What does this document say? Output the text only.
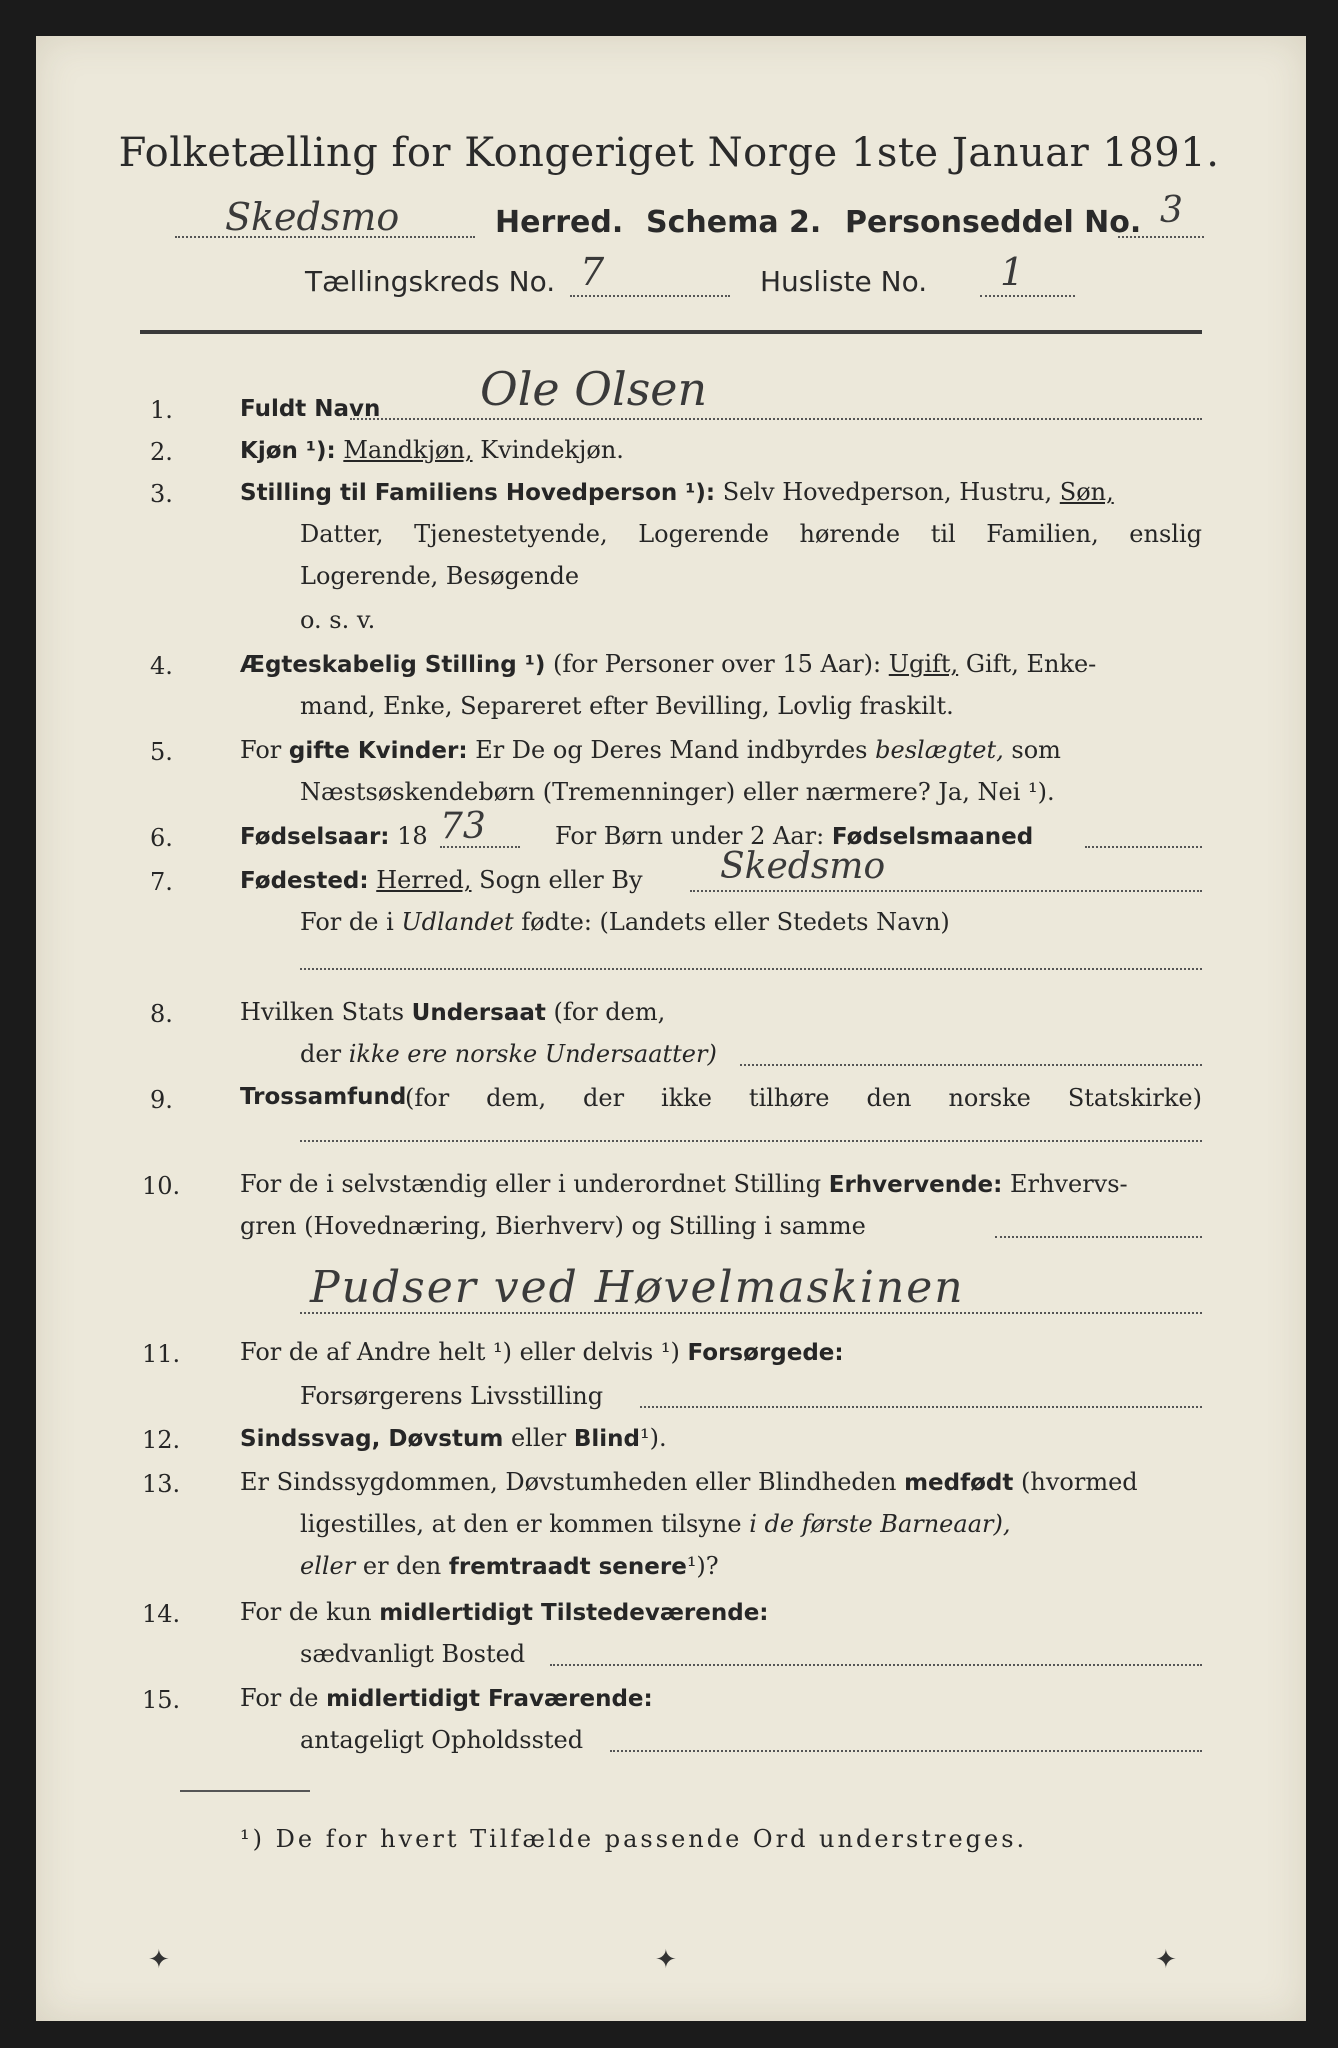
Folketælling for Kongeriget Norge 1ste Januar 1891.
Skedsmo	Herred. Schema 2. Personseddel No. 3
Tællingskreds No. 7	Husliste No. 1
1.	Fuldt Navn Ole Olsen
2.	Kjøn ¹): Mandkjøn, Kvindekjøn.
3.	Stilling til Familiens Hovedperson ¹): Selv Hovedperson, Hustru, Søn,
Datter, Tjenestetyende, Logerende hørende til Familien, enslig
Logerende, Besøgende
o. s. v.
4.	Ægteskabelig Stilling ¹) (for Personer over 15 Aar): Ugift, Gift, Enke-
mand, Enke, Separeret efter Bevilling, Lovlig fraskilt.
5.	For gifte Kvinder: Er De og Deres Mand indbyrdes beslægtet, som
Næstsøskendebørn (Tremenninger) eller nærmere? Ja, Nei ¹).
6.	Fødselsaar: 18 73	For Børn under 2 Aar: Fødselsmaaned
7.	Fødested: Herred, Sogn eller By Skedsmo
For de i Udlandet fødte: (Landets eller Stedets Navn)
8.	Hvilken Stats Undersaat (for dem,
der ikke ere norske Undersaatter)
9.	Trossamfund
(for dem, der ikke tilhøre den norske Statskirke)
10.	For de i selvstændig eller i underordnet Stilling Erhvervende: Erhvervs-
gren (Hovednæring, Bierhverv) og Stilling i samme
Pudser ved Høvelmaskinen
11.	For de af Andre helt ¹) eller delvis ¹) Forsørgede:
Forsørgerens Livsstilling
12.	Sindssvag, Døvstum eller Blind¹).
13.	Er Sindssygdommen, Døvstumheden eller Blindheden medfødt (hvormed
ligestilles, at den er kommen tilsyne i de første Barneaar),
eller er den fremtraadt senere¹)?
14.	For de kun midlertidigt Tilstedeværende:
sædvanligt Bosted
15.	For de midlertidigt Fraværende:
antageligt Opholdssted
¹) De for hvert Tilfælde passende Ord understreges.
✦	✦	✦
